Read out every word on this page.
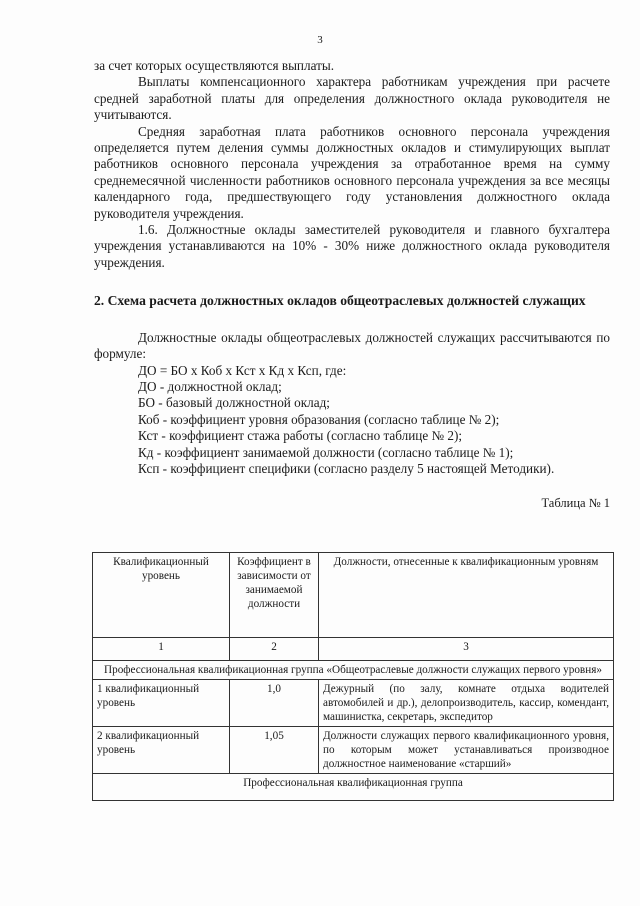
3

за счет которых осуществляются выплаты.

Выплаты компенсационного характера работникам учреждения при расчете средней заработной платы для определения должностного оклада руководителя не учитываются.

Средняя заработная плата работников основного персонала учреждения определяется путем деления суммы должностных окладов и стимулирующих выплат работников основного персонала учреждения за отработанное время на сумму среднемесячной численности работников основного персонала учреждения за все месяцы календарного года, предшествующего году установления должностного оклада руководителя учреждения.

1.6. Должностные оклады заместителей руководителя и главного бухгалтера учреждения устанавливаются на 10% - 30% ниже должностного оклада руководителя учреждения.

2. Схема расчета должностных окладов общеотраслевых должностей служащих

Должностные оклады общеотраслевых должностей служащих рассчитываются по формуле:

ДО = БО х Коб х Кст х Кд х Ксп, где:

ДО - должностной оклад;

БО - базовый должностной оклад;

Коб - коэффициент уровня образования (согласно таблице № 2);

Кст - коэффициент стажа работы (согласно таблице № 2);

Кд - коэффициент занимаемой должности (согласно таблице № 1);

Ксп - коэффициент специфики (согласно разделу 5 настоящей Методики).

Таблица № 1

Квалификационный уровень	Коэффициент в зависимости от занимаемой должности	Должности, отнесенные к квалификационным уровням
1	2	3
Профессиональная квалификационная группа «Общеотраслевые должности служащих первого уровня»		
1 квалификационный уровень	1,0	Дежурный (по залу, комнате отдыха водителей автомобилей и др.), делопроизводитель, кассир, комендант, машинистка, секретарь, экспедитор
2 квалификационный уровень	1,05	Должности служащих первого квалификационного уровня, по которым может устанавливаться производное должностное наименование «старший»
Профессиональная квалификационная группа		
